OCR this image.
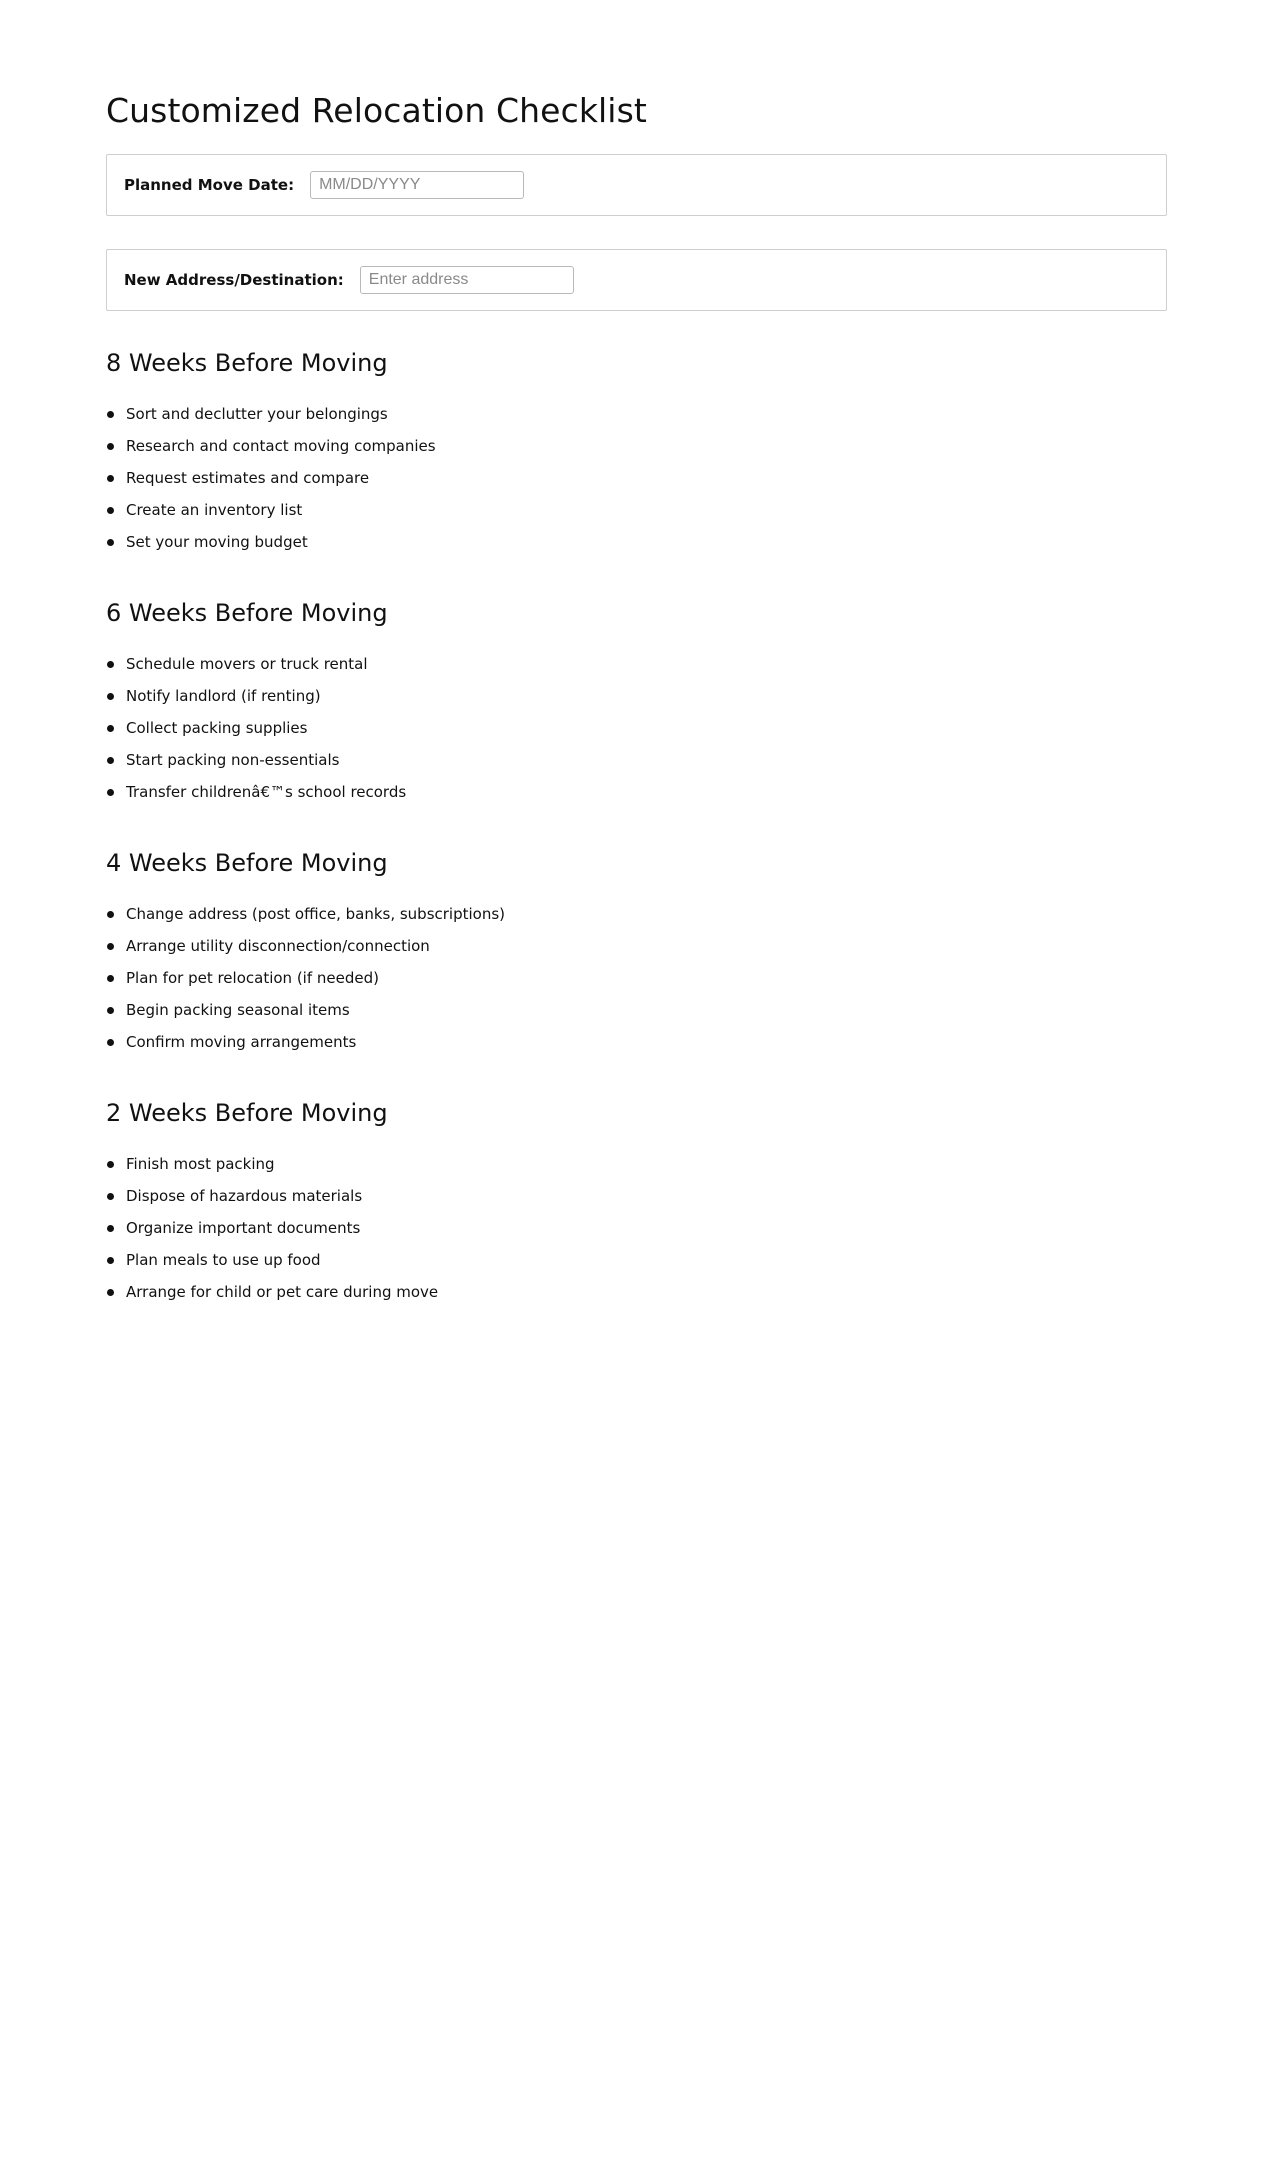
Customized Relocation Checklist
Planned Move Date:
MM/DD/YYYY
New Address/Destination:
Enter address
8 Weeks Before Moving
Sort and declutter your belongings
Research and contact moving companies
Request estimates and compare
Create an inventory list
Set your moving budget
6 Weeks Before Moving
Schedule movers or truck rental
Notify landlord (if renting)
Collect packing supplies
Start packing non-essentials
Transfer childrenâ€™s school records
4 Weeks Before Moving
Change address (post office, banks, subscriptions)
Arrange utility disconnection/connection
Plan for pet relocation (if needed)
Begin packing seasonal items
Confirm moving arrangements
2 Weeks Before Moving
Finish most packing
Dispose of hazardous materials
Organize important documents
Plan meals to use up food
Arrange for child or pet care during move
